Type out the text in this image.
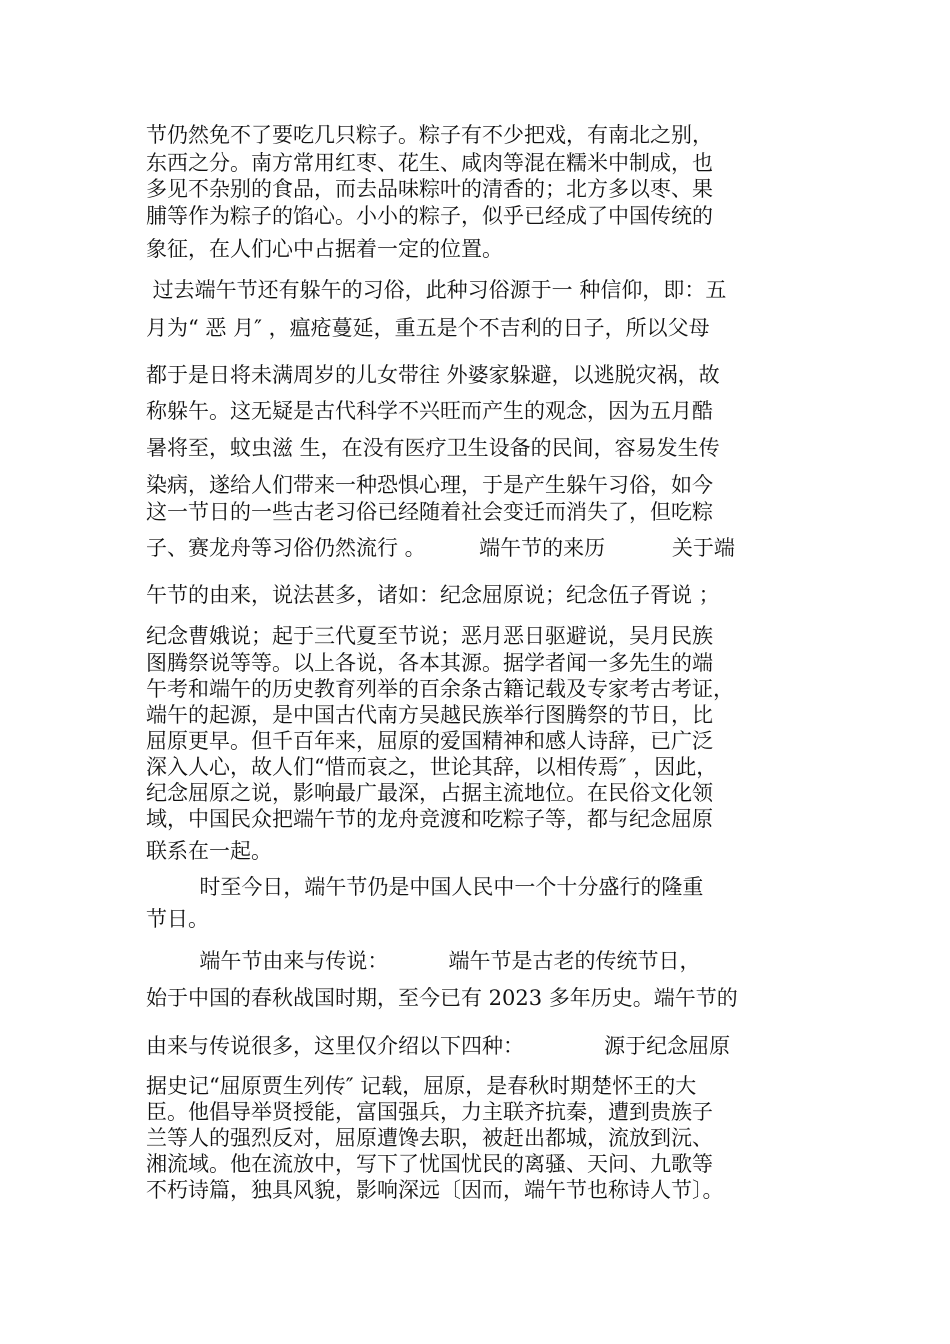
节仍然免不了要吃几只粽子。粽子有不少把戏，有南北之别，

东西之分。南方常用红枣、花生、咸肉等混在糯米中制成，也

多见不杂别的食品，而去品味粽叶的清香的；北方多以枣、果

脯等作为粽子的馅心。小小的粽子，似乎已经成了中国传统的

象征，在人们心中占据着一定的位置。

过去端午节还有躲午的习俗，此种习俗源于一 种信仰，即：五

月为“ 恶 月″ ，瘟疮蔓延，重五是个不吉利的日子，所以父母

都于是日将未满周岁的儿女带往 外婆家躲避，以逃脱灾祸，故

称躲午。这无疑是古代科学不兴旺而产生的观念，因为五月酷

暑将至，蚊虫滋 生，在没有医疗卫生设备的民间，容易发生传

染病，遂给人们带来一种恐惧心理，于是产生躲午习俗，如今

这一节日的一些古老习俗已经随着社会变迁而消失了，但吃粽

子、赛龙舟等习俗仍然流行 。        端午节的来历          关于端

午节的由来，说法甚多，诸如：纪念屈原说；纪念伍子胥说 ；

纪念曹娥说；起于三代夏至节说；恶月恶日驱避说，吴月民族

图腾祭说等等。以上各说，各本其源。据学者闻一多先生的端

午考和端午的历史教育列举的百余条古籍记载及专家考古考证，

端午的起源，是中国古代南方吴越民族举行图腾祭的节日，比

屈原更早。但千百年来，屈原的爱国精神和感人诗辞，已广泛

深入人心，故人们“惜而哀之，世论其辞，以相传焉″ ，因此，

纪念屈原之说，影响最广最深，占据主流地位。在民俗文化领

域，中国民众把端午节的龙舟竞渡和吃粽子等，都与纪念屈原

联系在一起。

时至今日，端午节仍是中国人民中一个十分盛行的隆重

节日。

端午节由来与传说：         端午节是古老的传统节日，

始于中国的春秋战国时期，至今已有 2023 多年历史。端午节的

由来与传说很多，这里仅介绍以下四种：            源于纪念屈原

据史记“屈原贾生列传″ 记载，屈原，是春秋时期楚怀王的大

臣。他倡导举贤授能，富国强兵，力主联齐抗秦，遭到贵族子

兰等人的强烈反对，屈原遭馋去职，被赶出都城，流放到沅、

湘流域。他在流放中，写下了忧国忧民的离骚、天问、九歌等

不朽诗篇，独具风貌，影响深远〔因而，端午节也称诗人节〕。
